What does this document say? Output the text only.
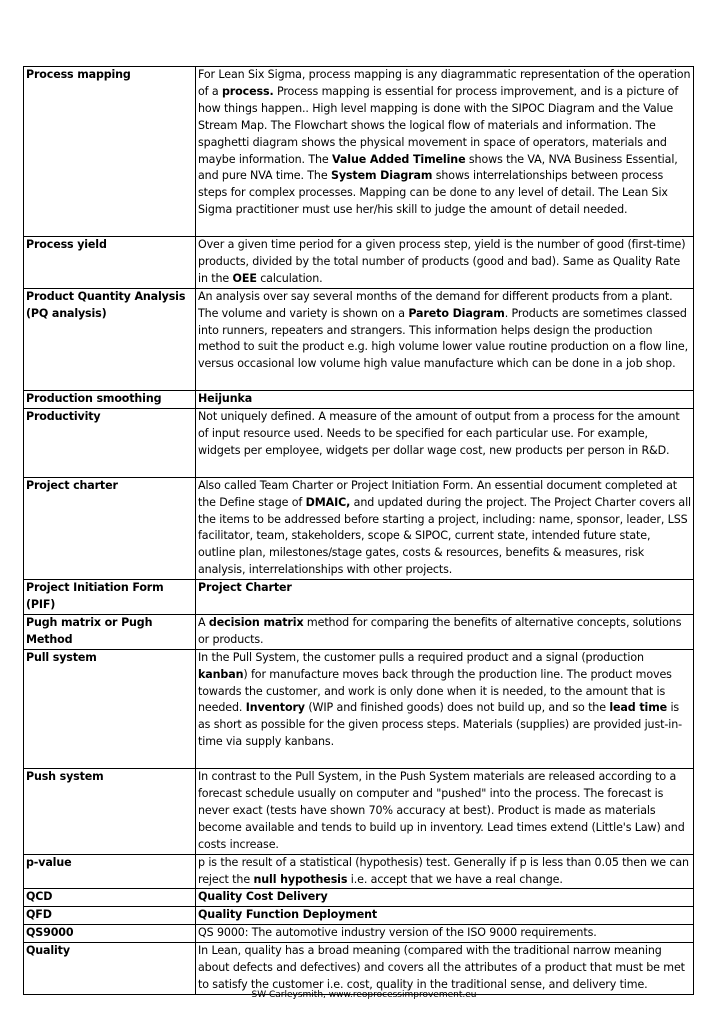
Process mapping	For Lean Six Sigma, process mapping is any diagrammatic representation of the operation of a process. Process mapping is essential for process improvement, and is a picture of how things happen.. High level mapping is done with the SIPOC Diagram and the Value Stream Map. The Flowchart shows the logical flow of materials and information. The spaghetti diagram shows the physical movement in space of operators, materials and maybe information. The Value Added Timeline shows the VA, NVA Business Essential, and pure NVA time. The System Diagram shows interrelationships between process steps for complex processes. Mapping can be done to any level of detail. The Lean Six Sigma practitioner must use her/his skill to judge the amount of detail needed.

Process yield	Over a given time period for a given process step, yield is the number of good (first-time) products, divided by the total number of products (good and bad). Same as Quality Rate in the OEE calculation.
Product Quantity Analysis (PQ analysis)	An analysis over say several months of the demand for different products from a plant. The volume and variety is shown on a Pareto Diagram. Products are sometimes classed into runners, repeaters and strangers. This information helps design the production method to suit the product e.g. high volume lower value routine production on a flow line, versus occasional low volume high value manufacture which can be done in a job shop.

Production smoothing	Heijunka
Productivity	Not uniquely defined. A measure of the amount of output from a process for the amount of input resource used. Needs to be specified for each particular use. For example, widgets per employee, widgets per dollar wage cost, new products per person in R&D.

Project charter	Also called Team Charter or Project Initiation Form. An essential document completed at the Define stage of DMAIC, and updated during the project. The Project Charter covers all the items to be addressed before starting a project, including: name, sponsor, leader, LSS facilitator, team, stakeholders, scope & SIPOC, current state, intended future state, outline plan, milestones/stage gates, costs & resources, benefits & measures, risk analysis, interrelationships with other projects.
Project Initiation Form (PIF)	Project Charter
Pugh matrix or Pugh Method	A decision matrix method for comparing the benefits of alternative concepts, solutions or products.
Pull system	In the Pull System, the customer pulls a required product and a signal (production kanban) for manufacture moves back through the production line. The product moves towards the customer, and work is only done when it is needed, to the amount that is needed. Inventory (WIP and finished goods) does not build up, and so the lead time is as short as possible for the given process steps. Materials (supplies) are provided just-in-time via supply kanbans.

Push system	In contrast to the Pull System, in the Push System materials are released according to a forecast schedule usually on computer and "pushed" into the process. The forecast is never exact (tests have shown 70% accuracy at best). Product is made as materials become available and tends to build up in inventory. Lead times extend (Little's Law) and costs increase.
p-value	p is the result of a statistical (hypothesis) test. Generally if p is less than 0.05 then we can reject the null hypothesis i.e. accept that we have a real change.
QCD	Quality Cost Delivery
QFD	Quality Function Deployment
QS9000	QS 9000: The automotive industry version of the ISO 9000 requirements.
Quality	In Lean, quality has a broad meaning (compared with the traditional narrow meaning about defects and defectives) and covers all the attributes of a product that must be met to satisfy the customer i.e. cost, quality in the traditional sense, and delivery time.
SW Carleysmith, www.reoprocessimprovement.eu
